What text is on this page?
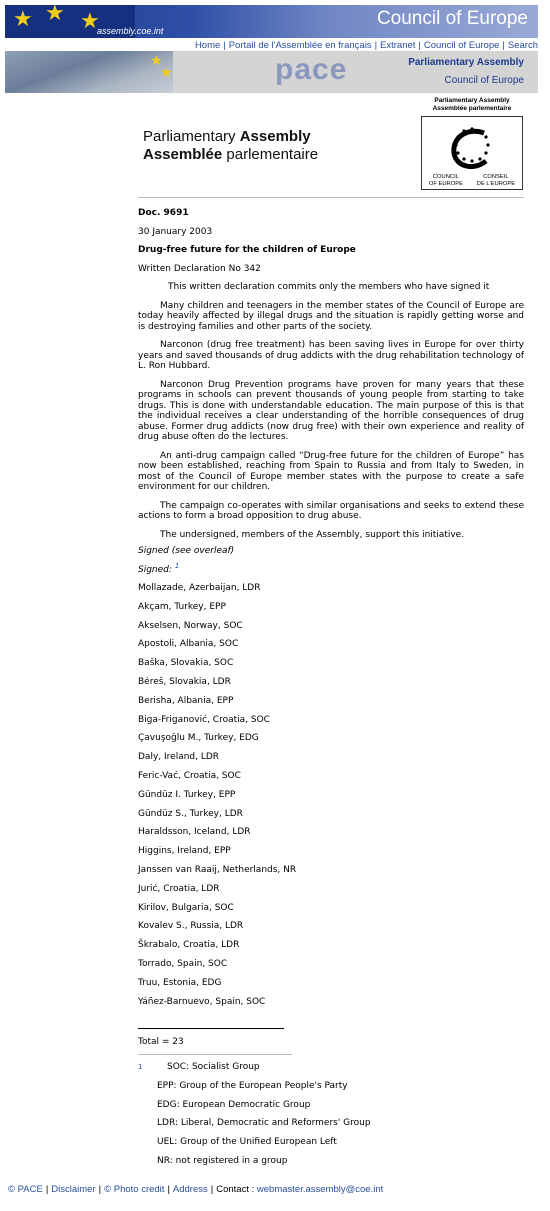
★ ★ ★
assembly.coe.int
Council of Europe
Home | Portail de l'Assemblée en français | Extranet | Council of Europe | Search
★
★	pace	Parliamentary Assembly
Council of Europe
Parliamentary Assembly
Assemblée parlementaire
Parliamentary Assembly
Assemblée parlementaire
COUNCIL
OF EUROPE
CONSEIL
DE L'EUROPE

Doc. 9691

30 January 2003

Drug-free future for the children of Europe

Written Declaration No 342

This written declaration commits only the members who have signed it

Many children and teenagers in the member states of the Council of Europe are today heavily affected by illegal drugs and the situation is rapidly getting worse and is destroying families and other parts of the society.

Narconon (drug free treatment) has been saving lives in Europe for over thirty years and saved thousands of drug addicts with the drug rehabilitation technology of L. Ron Hubbard.

Narconon Drug Prevention programs have proven for many years that these programs in schools can prevent thousands of young people from starting to take drugs. This is done with understandable education. The main purpose of this is that the individual receives a clear understanding of the horrible consequences of drug abuse. Former drug addicts (now drug free) with their own experience and reality of drug abuse often do the lectures.

An anti-drug campaign called “Drug-free future for the children of Europe” has now been established, reaching from Spain to Russia and from Italy to Sweden, in most of the Council of Europe member states with the purpose to create a safe environment for our children.

The campaign co-operates with similar organisations and seeks to extend these actions to form a broad opposition to drug abuse.

The undersigned, members of the Assembly, support this initiative.

Signed (see overleaf)

Signed: $^1$

Mollazade, Azerbaijan, LDR
Akçam, Turkey, EPP
Akselsen, Norway, SOC
Apostoli, Albania, SOC
Baška, Slovakia, SOC
Béreš, Slovakia, LDR
Berisha, Albania, EPP
Biga-Friganović, Croatia, SOC
Çavuşoğlu M., Turkey, EDG
Daly, Ireland, LDR
Feric-Vać, Croatia, SOC
Gündüz I. Turkey, EPP
Gündüz S., Turkey, LDR
Haraldsson, Iceland, LDR
Higgins, Ireland, EPP
Janssen van Raaij, Netherlands, NR
Jurić, Croatia, LDR
Kirilov, Bulgaria, SOC
Kovalev S., Russia, LDR
Škrabalo, Croatia, LDR
Torrado, Spain, SOC
Truu, Estonia, EDG
Yáñez-Barnuevo, Spain, SOC

Total = 23

1	SOC: Socialist Group
EPP: Group of the European People's Party
EDG: European Democratic Group
LDR: Liberal, Democratic and Reformers' Group
UEL: Group of the Unified European Left
NR: not registered in a group
© PACE | Disclaimer | © Photo credit | Address | Contact : webmaster.assembly@coe.int
